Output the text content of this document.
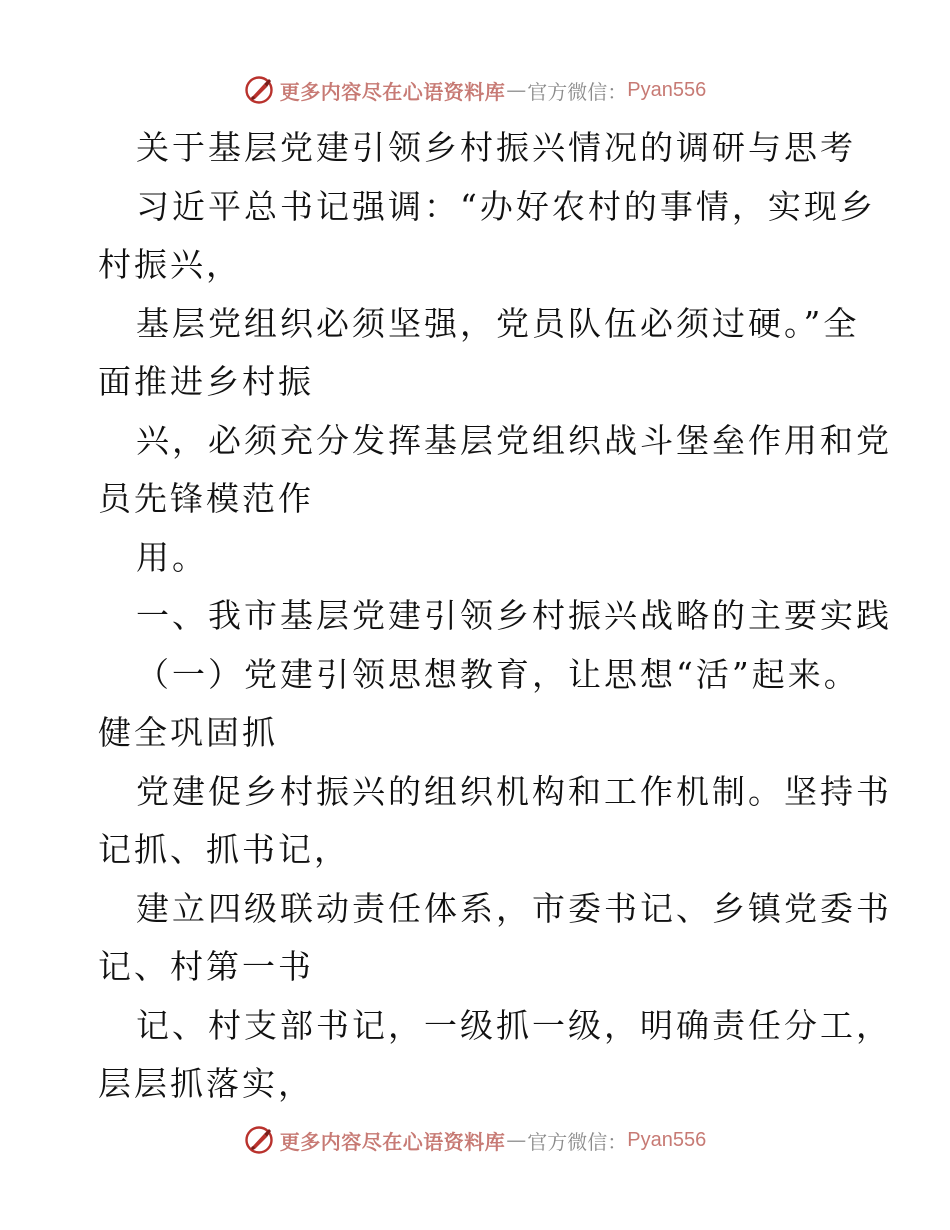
更多内容尽在心语资料库 — 官方微信： Pyan556

关于基层党建引领乡村振兴情况的调研与思考

习近平总书记强调：“办好农村的事情，实现乡
村振兴，

基层党组织必须坚强，党员队伍必须过硬。”全
面推进乡村振

兴，必须充分发挥基层党组织战斗堡垒作用和党
员先锋模范作

用。

一、我市基层党建引领乡村振兴战略的主要实践

（一）党建引领思想教育，让思想“活”起来。
健全巩固抓

党建促乡村振兴的组织机构和工作机制。坚持书
记抓、抓书记，

建立四级联动责任体系，市委书记、乡镇党委书
记、村第一书

记、村支部书记，一级抓一级，明确责任分工，
层层抓落实，

更多内容尽在心语资料库 — 官方微信： Pyan556
